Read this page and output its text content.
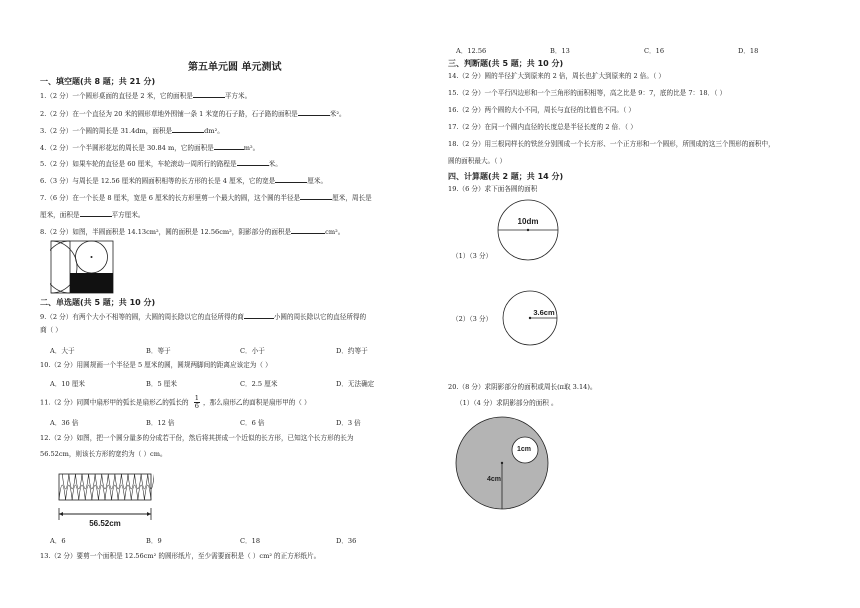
第五单元圆 单元测试
一、填空题(共 8 题；共 21 分)
1.（2 分）一个圆形桌面的直径是 2 米，它的面积是	平方米。
2.（2 分）在一个直径为 20 米的圆形草地外围铺一条 1 米宽的石子路，石子路的面积是	米²。
3.（2 分）一个圆的周长是 31.4dm，面积是	dm²。
4.（2 分）一个半圆形花坛的周长是 30.84 m，它的面积是	m²。
5.（2 分）如果车轮的直径是 60 厘米，车轮滚动一周所行的路程是	米。
6.（3 分）与周长是 12.56 厘米的圆面积相等的长方形的长是 4 厘米，它的宽是	厘米。
7.（6 分）在一个长是 8 厘米，宽是 6 厘米的长方形里剪一个最大的圆，这个圆的半径是	厘米，周长是
厘米，面积是	平方厘米。
8.（2 分）如图，半圆面积是 14.13cm²，圆的面积是 12.56cm²，阴影部分的面积是	cm²。
二、单选题(共 5 题；共 10 分)
9.（2 分）有两个大小不相等的圆，大圆的周长除以它的直径所得的商	小圆的周长除以它的直径所得的
商（ ）
A．大于	B．等于	C．小于	D．约等于
10.（2 分）用圆规画一个半径是 5 厘米的圆，圆规两脚间的距离应该定为（ ）
A．10 厘米	B．5 厘米	C．2.5 厘米	D．无法确定
11.（2 分）同圆中扇形甲的弧长是扇形乙的弧长的 $\frac{1}{6}$ ，那么扇形乙的面积是扇形甲的（ ）
A．36 倍	B．12 倍	C．6 倍	D．3 倍
12.（2 分）如图，把一个圆分量多的分成若干份，然后将其拼成一个近似的长方形，已知这个长方形的长为
56.52cm，则该长方形的宽约为（ ）cm。
56.52cm
A．6	B．9	C．18	D．36
13.（2 分）要剪一个面积是 12.56cm² 的圆形纸片，至少需要面积是（ ）cm² 的正方形纸片。
A．12.56	B．13	C．16	D．18
三、判断题(共 5 题；共 10 分)
14.（2 分）圆的半径扩大到原来的 2 倍，周长也扩大到原来的 2 倍。（ ）
15.（2 分）一个平行四边形和一个三角形的面积相等，高之比是 9：7，底的比是 7：18．（ ）
16.（2 分）两个圆的大小不同，周长与直径的比值也不同。（ ）
17.（2 分）在同一个圆内直径的长度总是半径长度的 2 倍．（ ）
18.（2 分）用三根同样长的铁丝分别围成一个长方形、一个正方形和一个圆形，所围成的这三个图形的面积中，
圆的面积最大。（ ）
四、计算题(共 2 题；共 14 分)
19.（6 分）求下面各圆的面积
（1）（3 分）
10dm
（2）（3 分）
3.6cm
20.（8 分）求阴影部分的面积或周长(π取 3.14)。
（1）（4 分）求阴影部分的面积 。
1cm
4cm
